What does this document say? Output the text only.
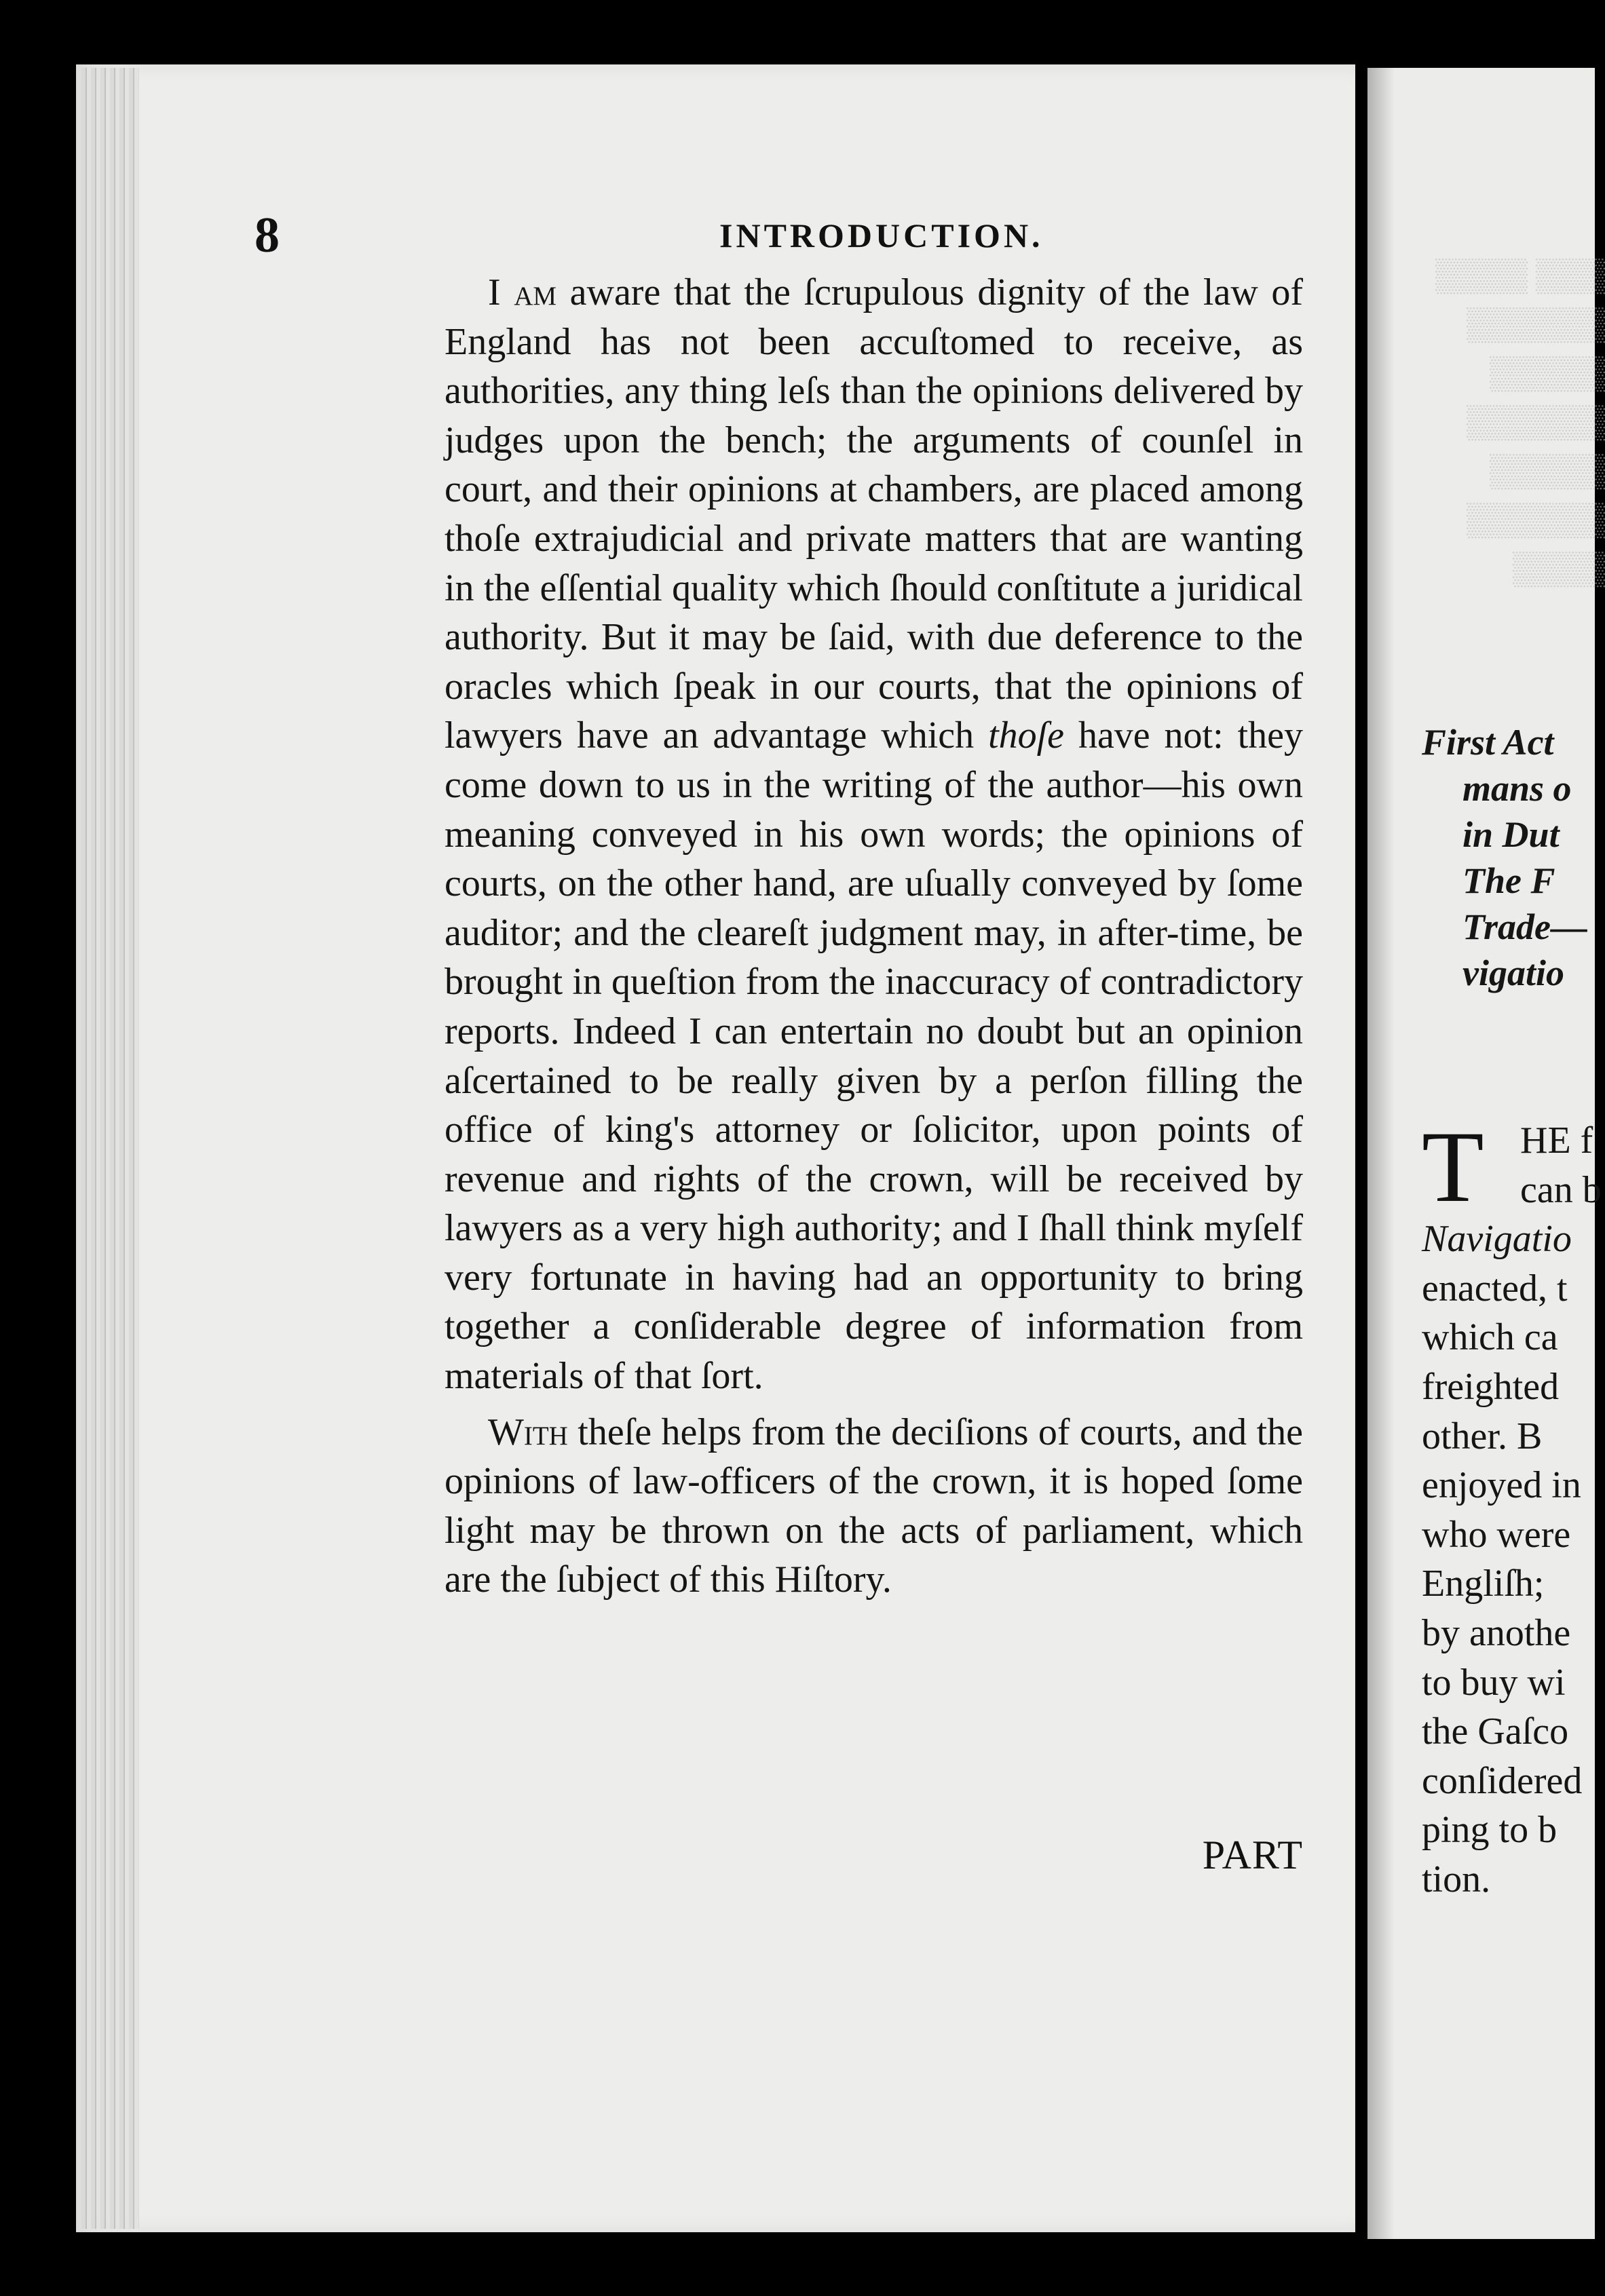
8	INTRODUCTION.

I am aware that the ſcrupulous dignity of the law of England has not been accuſtomed to receive, as authorities, any thing leſs than the opinions delivered by judges upon the bench; the arguments of counſel in court, and their opinions at chambers, are placed among thoſe extrajudicial and private matters that are wanting in the eſſential quality which ſhould conſtitute a juridical authority. But it may be ſaid, with due deference to the oracles which ſpeak in our courts, that the opinions of lawyers have an advantage which thoſe have not: they come down to us in the writing of the author—his own meaning conveyed in his own words; the opinions of courts, on the other hand, are uſually conveyed by ſome auditor; and the cleareſt judgment may, in after-time, be brought in queſtion from the inaccuracy of contradictory reports. Indeed I can entertain no doubt but an opinion aſcertained to be really given by a perſon filling the office of king's attorney or ſolicitor, upon points of revenue and rights of the crown, will be received by lawyers as a very high authority; and I ſhall think myſelf very fortunate in having had an opportunity to bring together a conſiderable degree of information from materials of that ſort.

With theſe helps from the deciſions of courts, and the opinions of law-officers of the crown, it is hoped ſome light may be thrown on the acts of parliament, which are the ſubject of this Hiſtory.

PART
▒▒▒ ▒▒▒▒
▒▒▒▒▒▒
▒▒▒▒▒
▒▒▒▒▒▒
▒▒▒▒▒
▒▒▒▒▒▒
▒▒▒▒
First Act
mans o
in Dut
The F
Trade—
vigatio
T HE f
can b
Navigatio
enacted, t
which ca
freighted
other. B
enjoyed in
who were
Engliſh;
by anothe
to buy wi
the Gaſco
conſidered
ping to b
tion.
